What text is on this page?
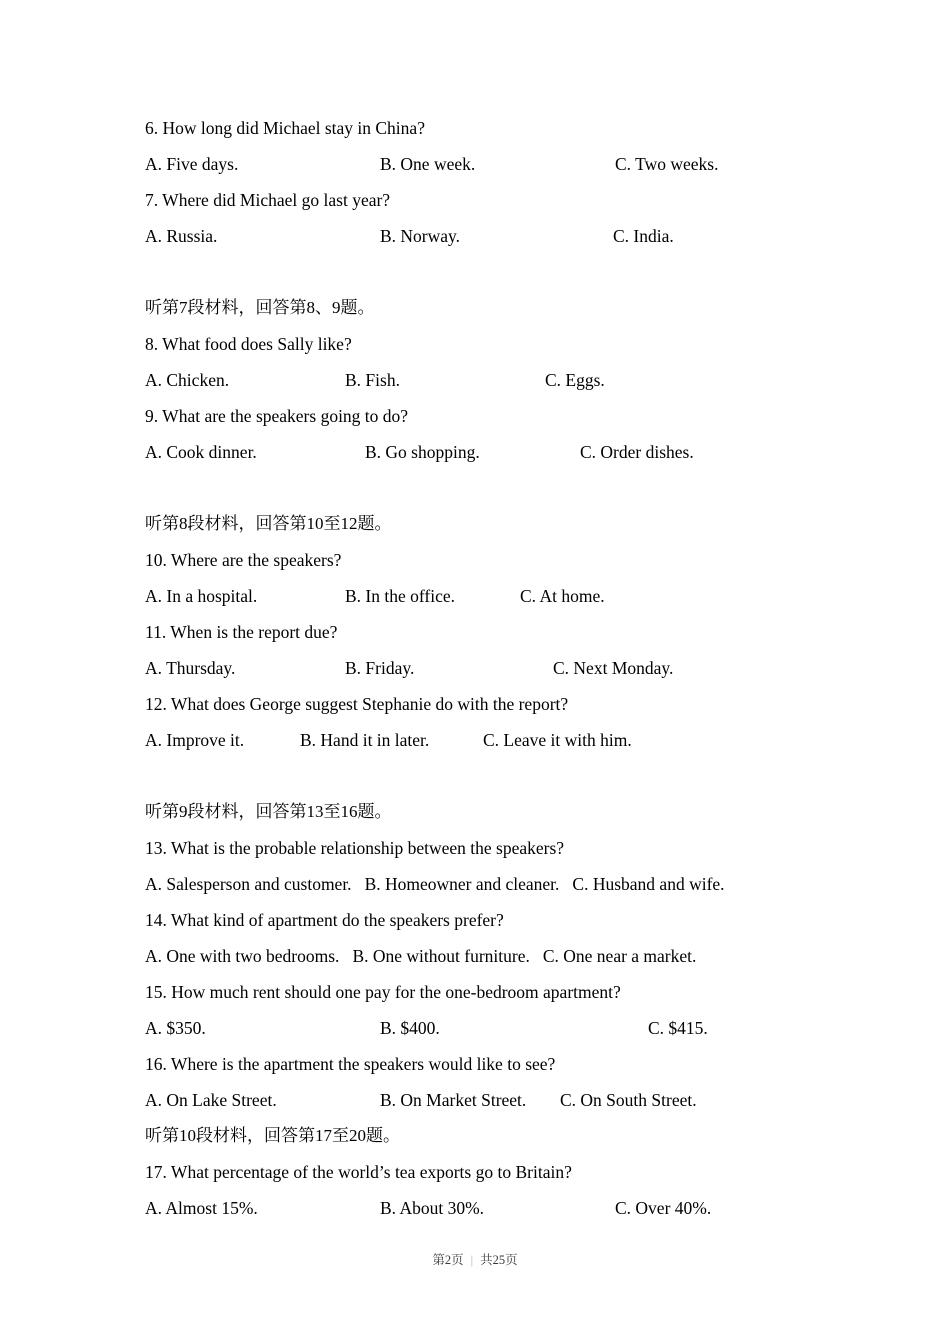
6. How long did Michael stay in China?
A. Five days.	B. One week.	C. Two weeks.
7. Where did Michael go last year?
A. Russia.	B. Norway.	C. India.
听第7段材料，回答第8、9题。
8. What food does Sally like?
A. Chicken.	B. Fish.	C. Eggs.
9. What are the speakers going to do?
A. Cook dinner.	B. Go shopping.	C. Order dishes.
听第8段材料，回答第10至12题。
10. Where are the speakers?
A. In a hospital.	B. In the office.	C. At home.
11. When is the report due?
A. Thursday.	B. Friday.	C. Next Monday.
12. What does George suggest Stephanie do with the report?
A. Improve it.	B. Hand it in later.	C. Leave it with him.
听第9段材料，回答第13至16题。
13. What is the probable relationship between the speakers?
A. Salesperson and customer. B. Homeowner and cleaner. C. Husband and wife.
14. What kind of apartment do the speakers prefer?
A. One with two bedrooms. B. One without furniture. C. One near a market.
15. How much rent should one pay for the one-bedroom apartment?
A. $350.	B. $400.	C. $415.
16. Where is the apartment the speakers would like to see?
A. On Lake Street.	B. On Market Street.	C. On South Street.
听第10段材料，回答第17至20题。
17. What percentage of the world’s tea exports go to Britain?
A. Almost 15%.	B. About 30%.	C. Over 40%.
第2页 | 共25页
